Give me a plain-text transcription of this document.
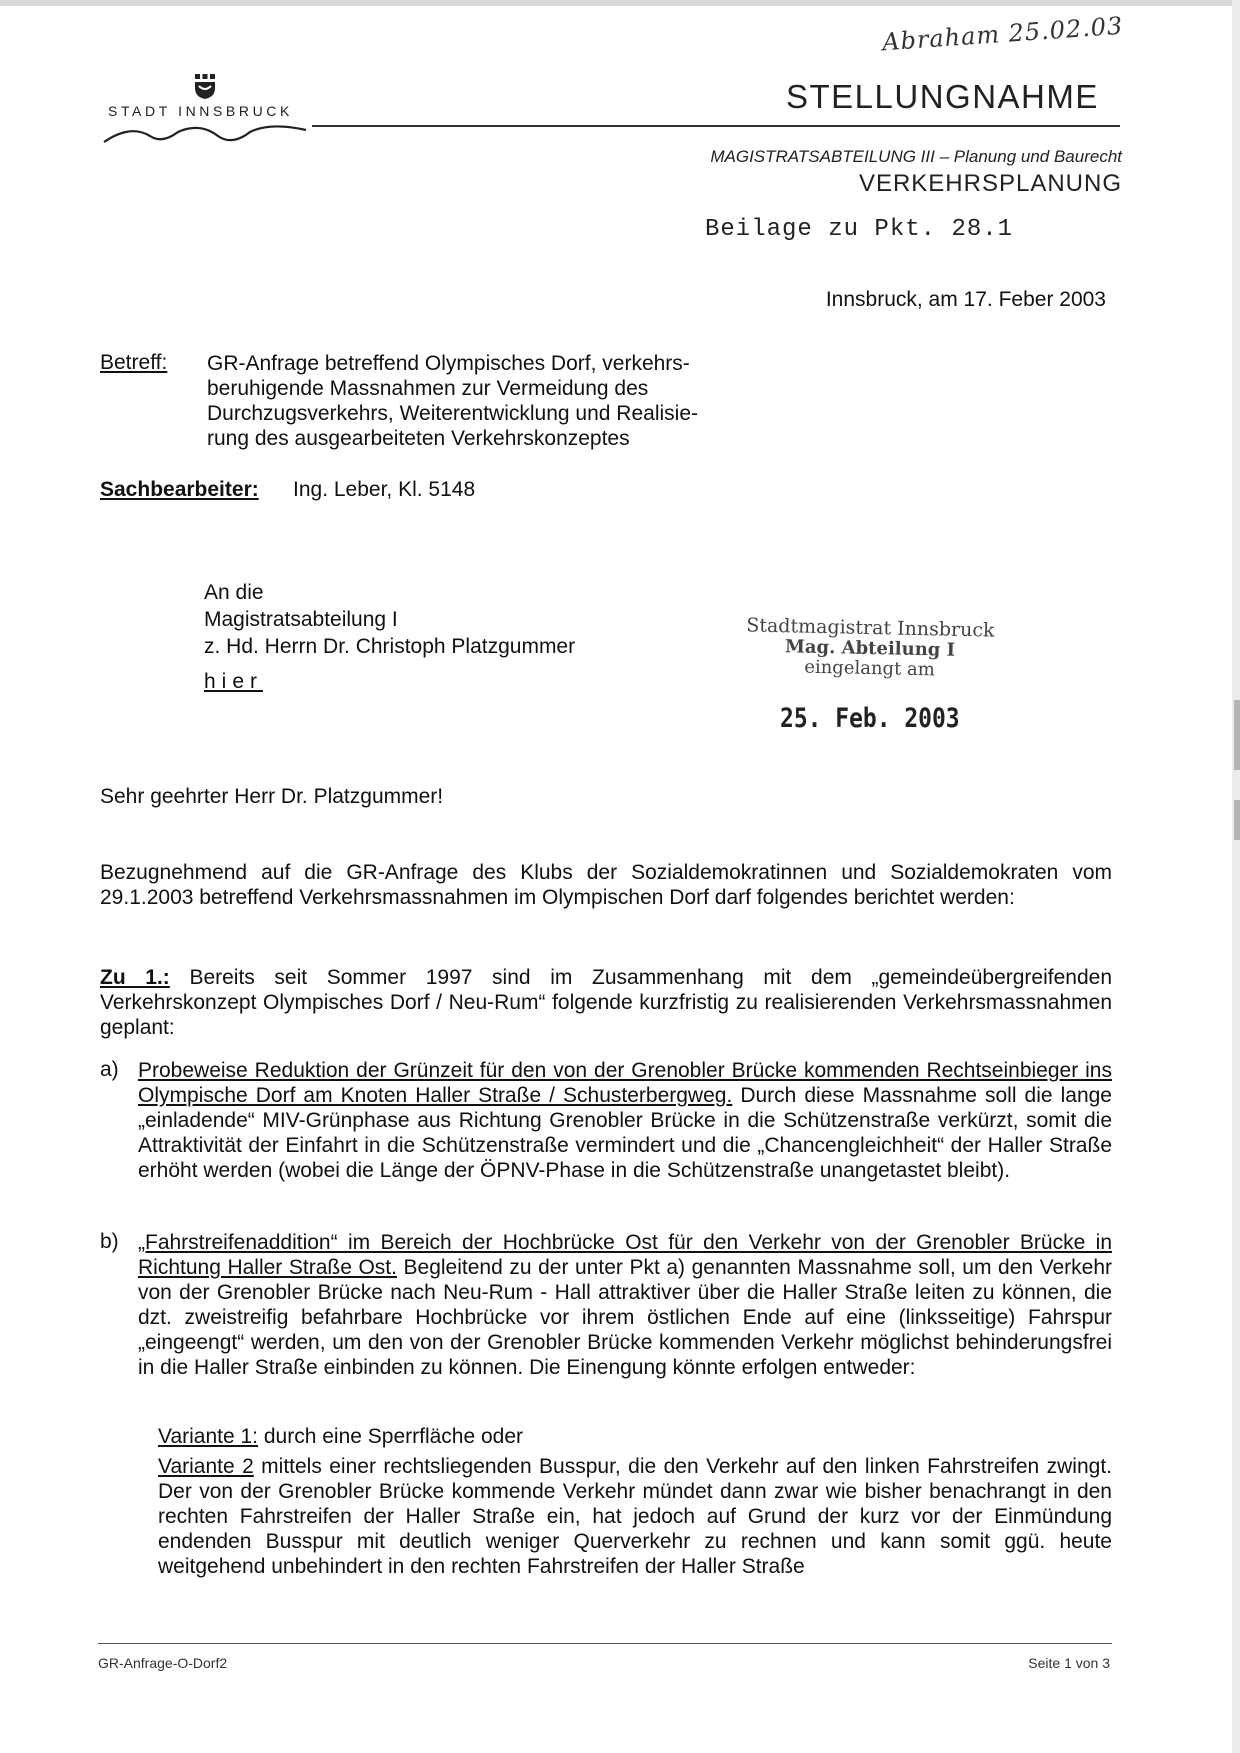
Abraham 25.02.03
STADT INNSBRUCK	STELLUNGNAHME
MAGISTRATSABTEILUNG III – Planung und Baurecht
VERKEHRSPLANUNG
Beilage zu Pkt. 28.1
Innsbruck, am 17. Feber 2003
Betreff: GR-Anfrage betreffend Olympisches Dorf, verkehrs-
beruhigende Massnahmen zur Vermeidung des
Durchzugsverkehrs, Weiterentwicklung und Realisie-
rung des ausgearbeiteten Verkehrskonzeptes
Sachbearbeiter: Ing. Leber, Kl. 5148
An die
Magistratsabteilung I
z. Hd. Herrn Dr. Christoph Platzgummer
hier
Stadtmagistrat Innsbruck
Mag. Abteilung I
eingelangt am
25. Feb. 2003
Sehr geehrter Herr Dr. Platzgummer!
Bezugnehmend auf die GR-Anfrage des Klubs der Sozialdemokratinnen und Sozialdemokraten vom 29.1.2003 betreffend Verkehrsmassnahmen im Olympischen Dorf darf folgendes berichtet werden:
Zu 1.: Bereits seit Sommer 1997 sind im Zusammenhang mit dem „gemeindeübergreifenden Verkehrskonzept Olympisches Dorf / Neu-Rum“ folgende kurzfristig zu realisierenden Verkehrsmassnahmen geplant:
a) Probeweise Reduktion der Grünzeit für den von der Grenobler Brücke kommenden Rechtseinbieger ins Olympische Dorf am Knoten Haller Straße / Schusterbergweg. Durch diese Massnahme soll die lange „einladende“ MIV-Grünphase aus Richtung Grenobler Brücke in die Schützenstraße verkürzt, somit die Attraktivität der Einfahrt in die Schützenstraße vermindert und die „Chancengleichheit“ der Haller Straße erhöht werden (wobei die Länge der ÖPNV-Phase in die Schützenstraße unangetastet bleibt).
b) „Fahrstreifenaddition“ im Bereich der Hochbrücke Ost für den Verkehr von der Grenobler Brücke in Richtung Haller Straße Ost. Begleitend zu der unter Pkt a) genannten Massnahme soll, um den Verkehr von der Grenobler Brücke nach Neu-Rum - Hall attraktiver über die Haller Straße leiten zu können, die dzt. zweistreifig befahrbare Hochbrücke vor ihrem östlichen Ende auf eine (linksseitige) Fahrspur „eingeengt“ werden, um den von der Grenobler Brücke kommenden Verkehr möglichst behinderungsfrei in die Haller Straße einbinden zu können. Die Einengung könnte erfolgen entweder:
Variante 1: durch eine Sperrfläche oder
Variante 2 mittels einer rechtsliegenden Busspur, die den Verkehr auf den linken Fahrstreifen zwingt. Der von der Grenobler Brücke kommende Verkehr mündet dann zwar wie bisher benachrangt in den rechten Fahrstreifen der Haller Straße ein, hat jedoch auf Grund der kurz vor der Einmündung endenden Busspur mit deutlich weniger Querverkehr zu rechnen und kann somit ggü. heute weitgehend unbehindert in den rechten Fahrstreifen der Haller Straße
GR-Anfrage-O-Dorf2	Seite 1 von 3
